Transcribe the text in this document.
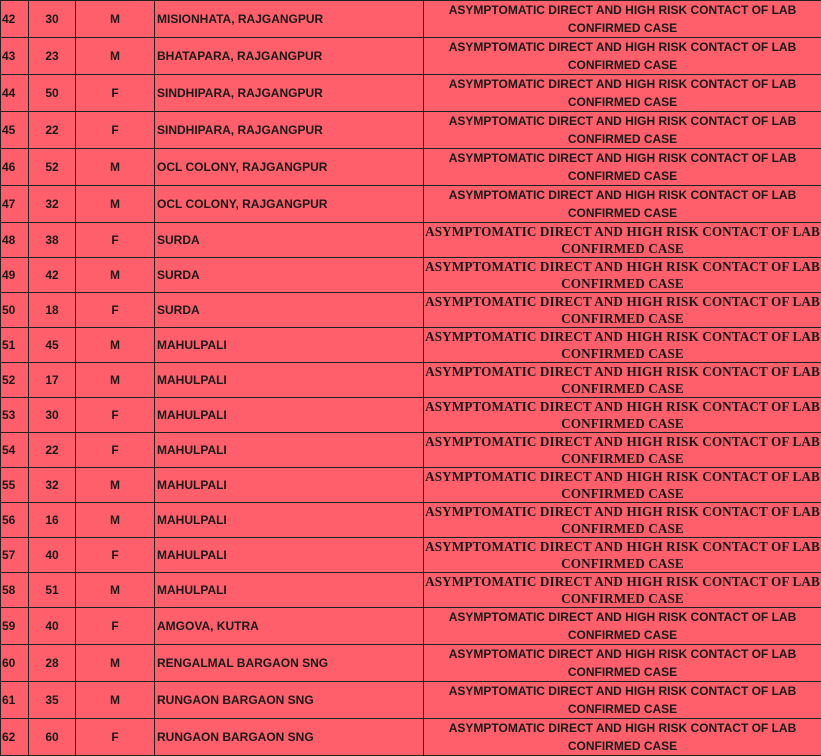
42	30	M	MISIONHATA, RAJGANGPUR	ASYMPTOMATIC DIRECT AND HIGH RISK CONTACT OF LAB
CONFIRMED CASE

43	23	M	BHATAPARA, RAJGANGPUR	ASYMPTOMATIC DIRECT AND HIGH RISK CONTACT OF LAB
CONFIRMED CASE

44	50	F	SINDHIPARA, RAJGANGPUR	ASYMPTOMATIC DIRECT AND HIGH RISK CONTACT OF LAB
CONFIRMED CASE

45	22	F	SINDHIPARA, RAJGANGPUR	ASYMPTOMATIC DIRECT AND HIGH RISK CONTACT OF LAB
CONFIRMED CASE

46	52	M	OCL COLONY, RAJGANGPUR	ASYMPTOMATIC DIRECT AND HIGH RISK CONTACT OF LAB
CONFIRMED CASE

47	32	M	OCL COLONY, RAJGANGPUR	ASYMPTOMATIC DIRECT AND HIGH RISK CONTACT OF LAB
CONFIRMED CASE

48	38	F	SURDA	ASYMPTOMATIC DIRECT AND HIGH RISK CONTACT OF LAB
CONFIRMED CASE

49	42	M	SURDA	ASYMPTOMATIC DIRECT AND HIGH RISK CONTACT OF LAB
CONFIRMED CASE

50	18	F	SURDA	ASYMPTOMATIC DIRECT AND HIGH RISK CONTACT OF LAB
CONFIRMED CASE

51	45	M	MAHULPALI	ASYMPTOMATIC DIRECT AND HIGH RISK CONTACT OF LAB
CONFIRMED CASE

52	17	M	MAHULPALI	ASYMPTOMATIC DIRECT AND HIGH RISK CONTACT OF LAB
CONFIRMED CASE

53	30	F	MAHULPALI	ASYMPTOMATIC DIRECT AND HIGH RISK CONTACT OF LAB
CONFIRMED CASE

54	22	F	MAHULPALI	ASYMPTOMATIC DIRECT AND HIGH RISK CONTACT OF LAB
CONFIRMED CASE

55	32	M	MAHULPALI	ASYMPTOMATIC DIRECT AND HIGH RISK CONTACT OF LAB
CONFIRMED CASE

56	16	M	MAHULPALI	ASYMPTOMATIC DIRECT AND HIGH RISK CONTACT OF LAB
CONFIRMED CASE

57	40	F	MAHULPALI	ASYMPTOMATIC DIRECT AND HIGH RISK CONTACT OF LAB
CONFIRMED CASE

58	51	M	MAHULPALI	ASYMPTOMATIC DIRECT AND HIGH RISK CONTACT OF LAB
CONFIRMED CASE

59	40	F	AMGOVA, KUTRA	ASYMPTOMATIC DIRECT AND HIGH RISK CONTACT OF LAB
CONFIRMED CASE

60	28	M	RENGALMAL BARGAON SNG	ASYMPTOMATIC DIRECT AND HIGH RISK CONTACT OF LAB
CONFIRMED CASE

61	35	M	RUNGAON BARGAON SNG	ASYMPTOMATIC DIRECT AND HIGH RISK CONTACT OF LAB
CONFIRMED CASE

62	60	F	RUNGAON BARGAON SNG	ASYMPTOMATIC DIRECT AND HIGH RISK CONTACT OF LAB
CONFIRMED CASE
